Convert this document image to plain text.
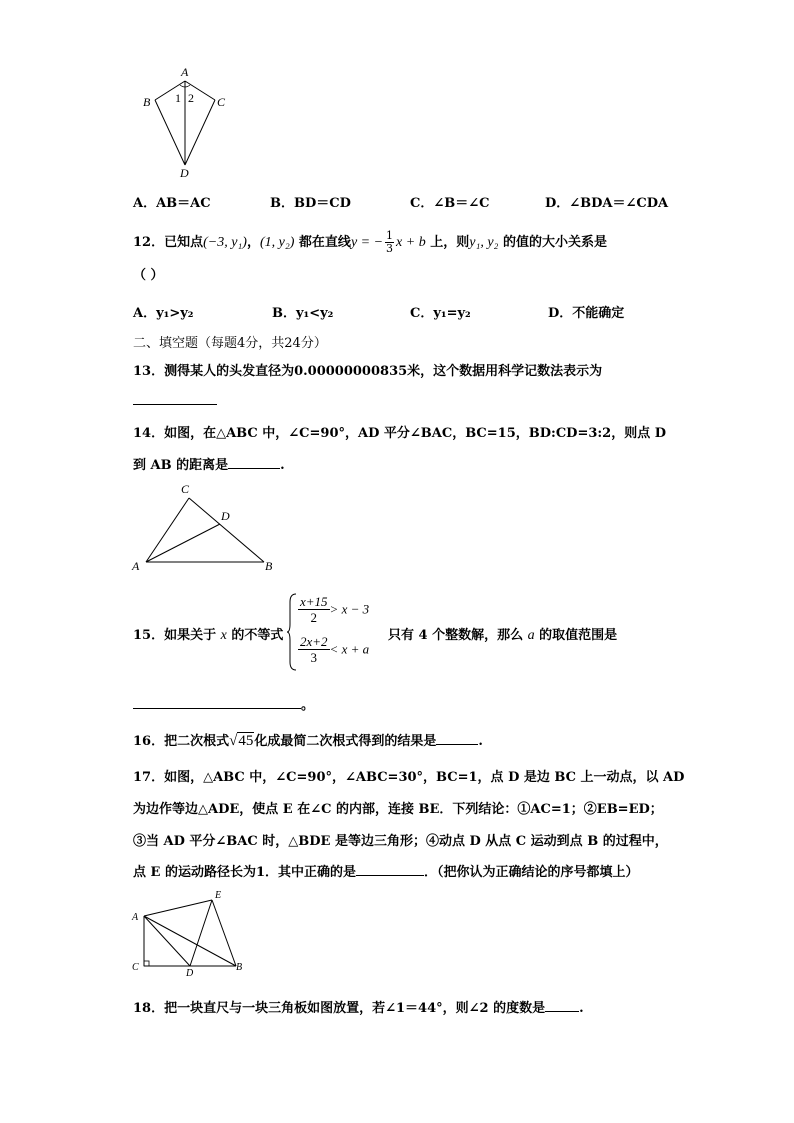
A
B	C
D
1 2
A．AB＝AC	B．BD＝CD	C．∠B＝∠C	D．∠BDA＝∠CDA
12．已知点(−3, y₁)，(1, y₂) 都在直线y = − $\frac{1}{3}$ x + b 上，则y₁, y₂ 的值的大小关系是
（ ）
A．y₁>y₂	B．y₁<y₂	C．y₁=y₂	D．不能确定
二、填空题（每题4分，共24分）
13．测得某人的头发直径为0.00000000835米，这个数据用科学记数法表示为
14．如图，在△ABC 中，∠C=90°，AD 平分∠BAC，BC=15，BD:CD=3:2，则点 D
到 AB 的距离是	.
A	B
C
D
15．如果关于 x 的不等式
$\frac{x+15}{2} > x - 3$
$\frac{2x+2}{3} < x + a$
只有 4 个整数解，那么 a 的取值范围是
。
16．把二次根式√45化成最简二次根式得到的结果是	.
17．如图，△ABC 中，∠C=90°，∠ABC=30°，BC=1，点 D 是边 BC 上一动点，以 AD
为边作等边△ADE，使点 E 在∠C 的内部，连接 BE．下列结论：①AC=1；②EB=ED；
③当 AD 平分∠BAC 时，△BDE 是等边三角形；④动点 D 从点 C 运动到点 B 的过程中，
点 E 的运动路径长为1．其中正确的是	．（把你认为正确结论的序号都填上）
A
B
C
D
E
18．把一块直尺与一块三角板如图放置，若∠1＝44°，则∠2 的度数是	.
